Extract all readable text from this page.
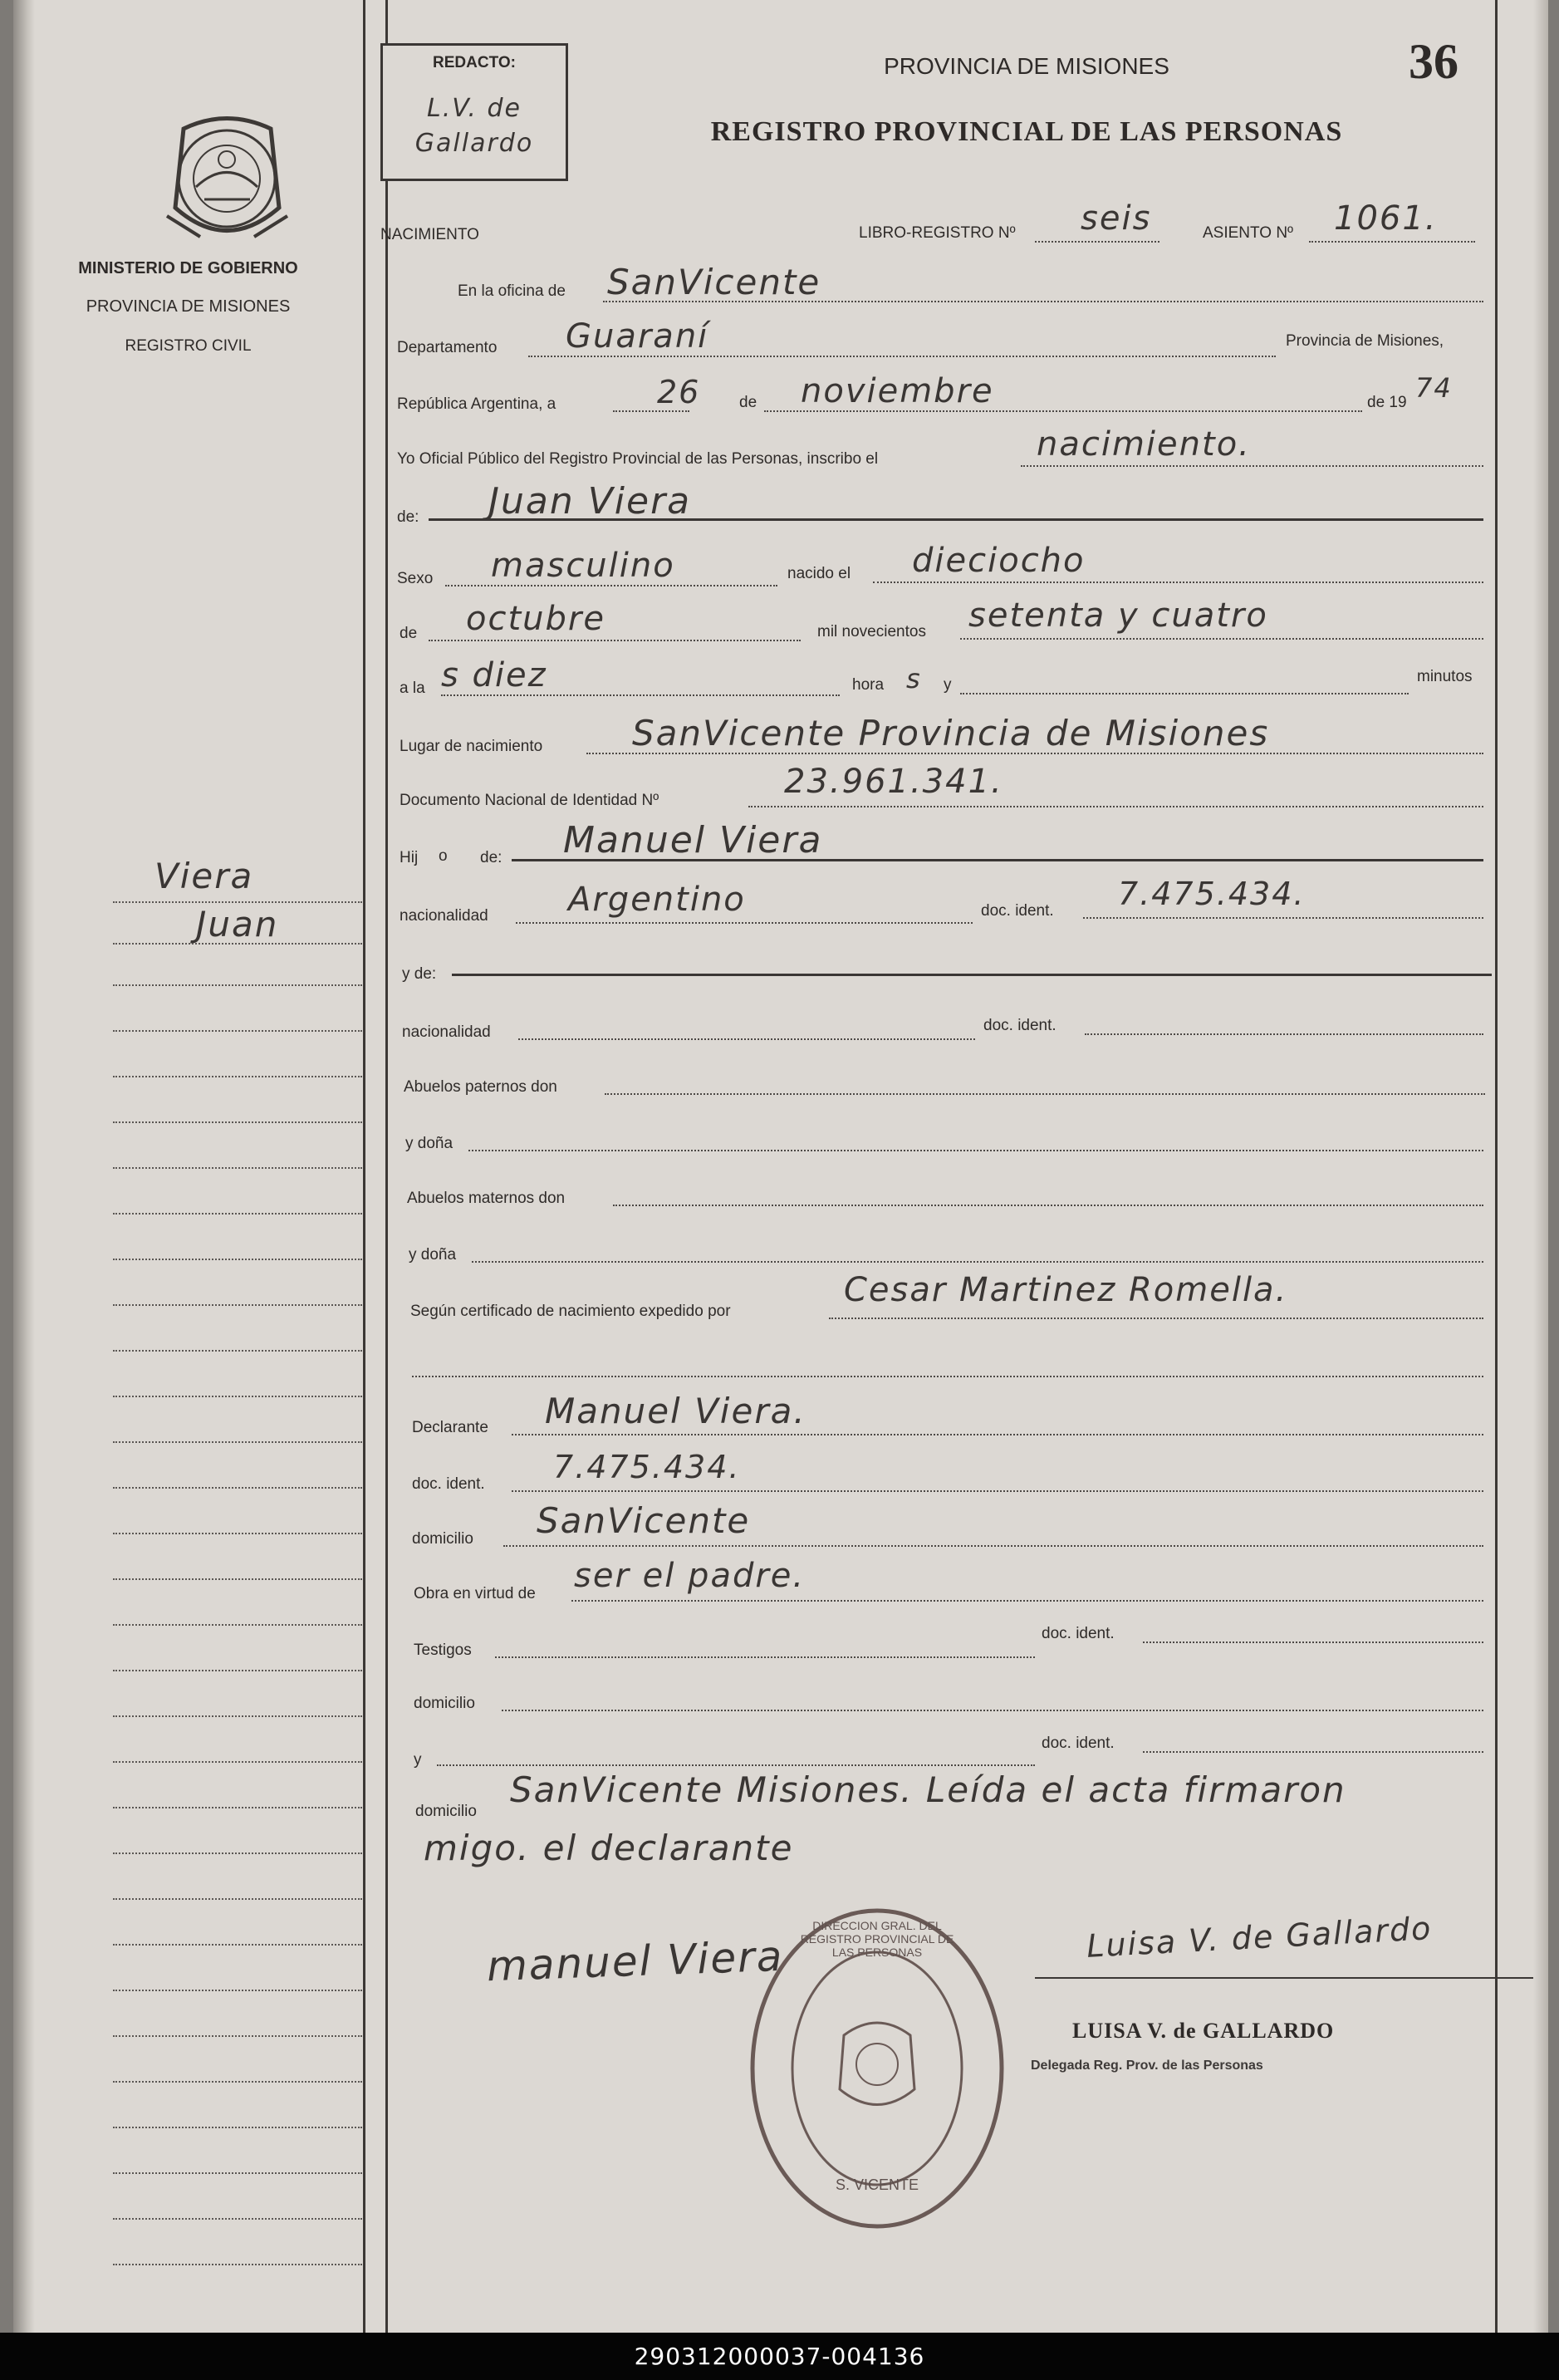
MINISTERIO DE GOBIERNO
PROVINCIA DE MISIONES
REGISTRO CIVIL
Viera
Juan
REDACTO:
L.V. de Gallardo
PROVINCIA DE MISIONES
REGISTRO PROVINCIAL DE LAS PERSONAS
36
NACIMIENTO	LIBRO-REGISTRO Nº seis	ASIENTO Nº 1061.
En la oficina de SanVicente
Departamento Guaraní	Provincia de Misiones,
República Argentina, a	26 de noviembre	de 19 74
Yo Oficial Público del Registro Provincial de las Personas, inscribo el	nacimiento.
de: Juan Viera
Sexo masculino	nacido el dieciocho
de octubre	mil novecientos setenta y cuatro
a la s diez	hora s y	minutos
Lugar de nacimiento	SanVicente Provincia de Misiones
Documento Nacional de Identidad Nº	23.961.341.
Hij o de: Manuel Viera
nacionalidad Argentino	doc. ident. 7.475.434.
y de:
nacionalidad	doc. ident.
Abuelos paternos don
y doña
Abuelos maternos don
y doña
Según certificado de nacimiento expedido por
Cesar Martinez Romella.
Declarante Manuel Viera.
doc. ident. 7.475.434.
domicilio SanVicente
Obra en virtud de ser el padre.
Testigos
doc. ident.
domicilio
y
doc. ident.
domicilio
SanVicente Misiones. Leída el acta firmaron
migo. el declarante
manuel Viera	Luisa V. de Gallardo
LUISA V. de GALLARDO
Delegada Reg. Prov. de las Personas
DIRECCION GRAL. DEL REGISTRO PROVINCIAL DE LAS PERSONAS
S. VICENTE
290312000037-004136
